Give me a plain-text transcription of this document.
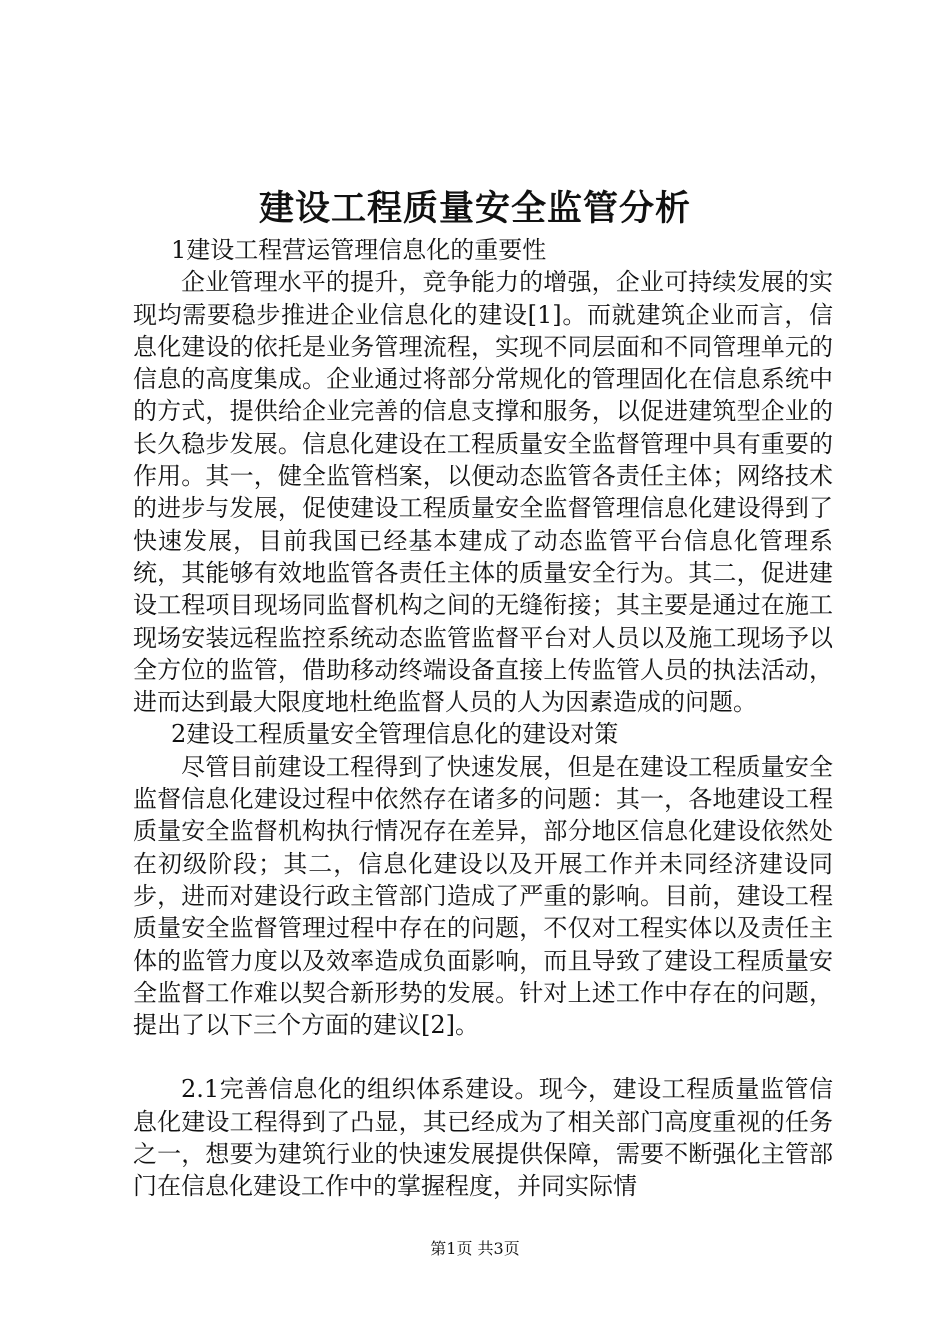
建设工程质量安全监管分析

1建设工程营运管理信息化的重要性

企业管理水平的提升，竞争能力的增强，企业可持续发展的实现均需要稳步推进企业信息化的建设[1]。而就建筑企业而言，信息化建设的依托是业务管理流程，实现不同层面和不同管理单元的信息的高度集成。企业通过将部分常规化的管理固化在信息系统中的方式，提供给企业完善的信息支撑和服务，以促进建筑型企业的长久稳步发展。信息化建设在工程质量安全监督管理中具有重要的作用。其一，健全监管档案，以便动态监管各责任主体；网络技术的进步与发展，促使建设工程质量安全监督管理信息化建设得到了快速发展，目前我国已经基本建成了动态监管平台信息化管理系统，其能够有效地监管各责任主体的质量安全行为。其二，促进建设工程项目现场同监督机构之间的无缝衔接；其主要是通过在施工现场安装远程监控系统动态监管监督平台对人员以及施工现场予以全方位的监管，借助移动终端设备直接上传监管人员的执法活动，进而达到最大限度地杜绝监督人员的人为因素造成的问题。

2建设工程质量安全管理信息化的建设对策

尽管目前建设工程得到了快速发展，但是在建设工程质量安全监督信息化建设过程中依然存在诸多的问题：其一，各地建设工程质量安全监督机构执行情况存在差异，部分地区信息化建设依然处在初级阶段；其二，信息化建设以及开展工作并未同经济建设同步，进而对建设行政主管部门造成了严重的影响。目前，建设工程质量安全监督管理过程中存在的问题，不仅对工程实体以及责任主体的监管力度以及效率造成负面影响，而且导致了建设工程质量安全监督工作难以契合新形势的发展。针对上述工作中存在的问题，提出了以下三个方面的建议[2]。

2.1完善信息化的组织体系建设。现今，建设工程质量监管信息化建设工程得到了凸显，其已经成为了相关部门高度重视的任务之一，想要为建筑行业的快速发展提供保障，需要不断强化主管部门在信息化建设工作中的掌握程度，并同实际情

第1页 共3页
